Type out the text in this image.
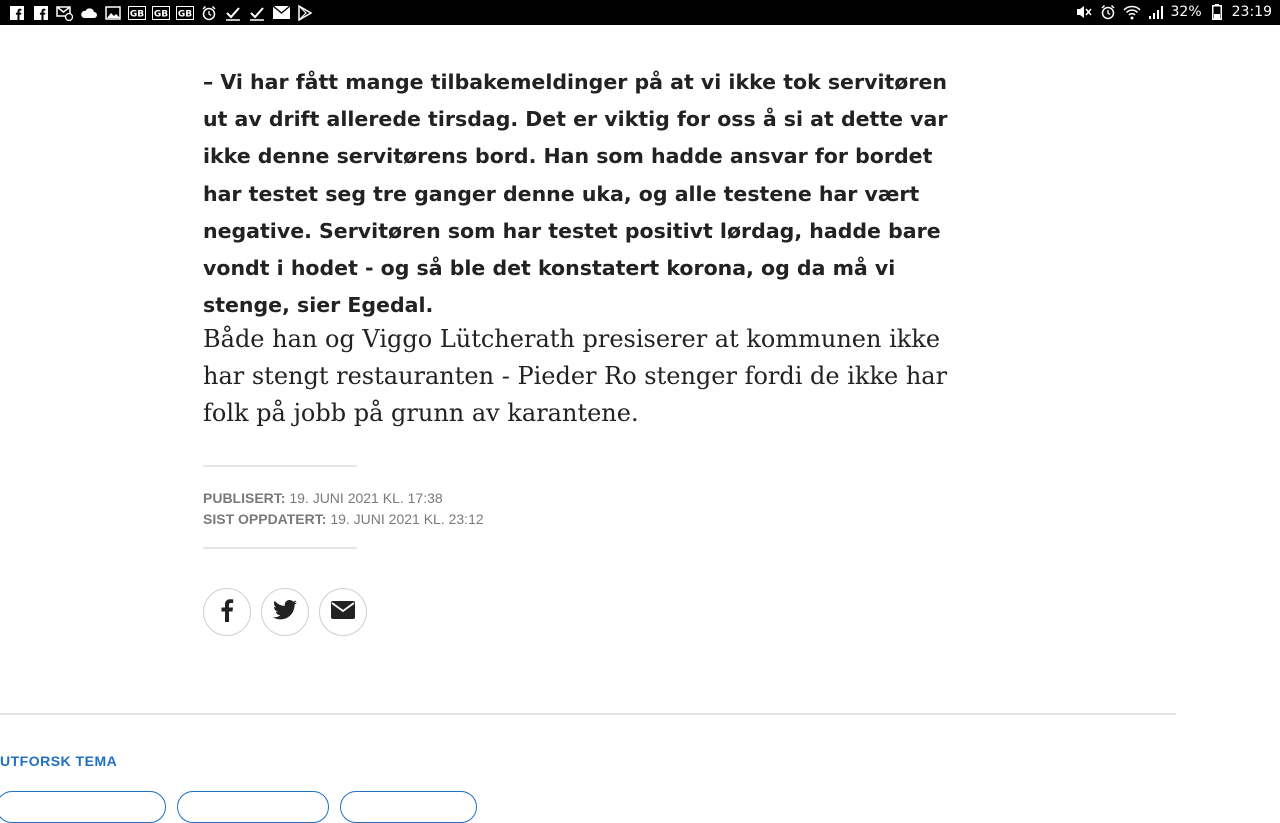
GB GB GB	32% 23:19

– Vi har fått mange tilbakemeldinger på at vi ikke tok servitøren ut av drift allerede tirsdag. Det er viktig for oss å si at dette var ikke denne servitørens bord. Han som hadde ansvar for bordet har testet seg tre ganger denne uka, og alle testene har vært negative. Servitøren som har testet positivt lørdag, hadde bare vondt i hodet - og så ble det konstatert korona, og da må vi stenge, sier Egedal.

Både han og Viggo Lütcherath presiserer at kommunen ikke har stengt restauranten - Pieder Ro stenger fordi de ikke har folk på jobb på grunn av karantene.

PUBLISERT: 19. JUNI 2021 KL. 17:38
SIST OPPDATERT: 19. JUNI 2021 KL. 23:12
UTFORSK TEMA
